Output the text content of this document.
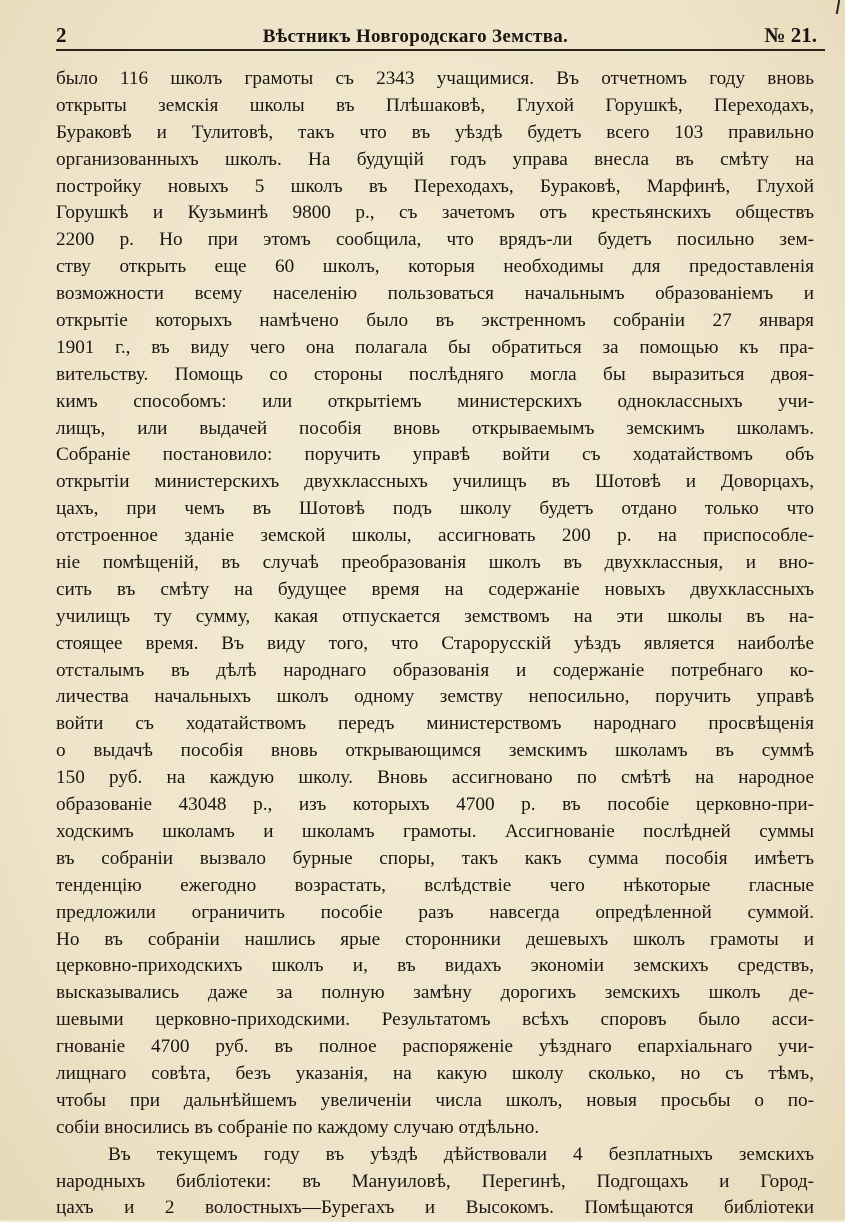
2	Вѣстникъ Новгородскаго Земства.	№ 21.
было 116 школъ грамоты съ 2343 учащимися. Въ отчетномъ году вновь
открыты земскія школы въ Плѣшаковѣ, Глухой Горушкѣ, Переходахъ,
Бураковѣ и Тулитовѣ, такъ что въ уѣздѣ будетъ всего 103 правильно
организованныхъ школъ. На будущій годъ управа внесла въ смѣту на
постройку новыхъ 5 школъ въ Переходахъ, Бураковѣ, Марфинѣ, Глухой
Горушкѣ и Кузьминѣ 9800 р., съ зачетомъ отъ крестьянскихъ обществъ
2200 р. Но при этомъ сообщила, что врядъ-ли будетъ посильно зем-
ству открыть еще 60 школъ, которыя необходимы для предоставленія
возможности всему населенію пользоваться начальнымъ образованіемъ и
открытіе которыхъ намѣчено было въ экстренномъ собраніи 27 января
1901 г., въ виду чего она полагала бы обратиться за помощью къ пра-
вительству. Помощь со стороны послѣдняго могла бы выразиться двоя-
кимъ способомъ: или открытіемъ министерскихъ одноклассныхъ учи-
лищъ, или выдачей пособія вновь открываемымъ земскимъ школамъ.
Собраніе постановило: поручить управѣ войти съ ходатайствомъ объ
открытіи министерскихъ двухклассныхъ училищъ въ Шотовѣ и Доворцахъ,
цахъ, при чемъ въ Шотовѣ подъ школу будетъ отдано только что
отстроенное зданіе земской школы, ассигновать 200 р. на приспособле-
ніе помѣщеній, въ случаѣ преобразованія школъ въ двухклассныя, и вно-
сить въ смѣту на будущее время на содержаніе новыхъ двухклассныхъ
училищъ ту сумму, какая отпускается земствомъ на эти школы въ на-
стоящее время. Въ виду того, что Старорусскій уѣздъ является наиболѣе
отсталымъ въ дѣлѣ народнаго образованія и содержаніе потребнаго ко-
личества начальныхъ школъ одному земству непосильно, поручить управѣ
войти съ ходатайствомъ передъ министерствомъ народнаго просвѣщенія
о выдачѣ пособія вновь открывающимся земскимъ школамъ въ суммѣ
150 руб. на каждую школу. Вновь ассигновано по смѣтѣ на народное
образованіе 43048 р., изъ которыхъ 4700 р. въ пособіе церковно-при-
ходскимъ школамъ и школамъ грамоты. Ассигнованіе послѣдней суммы
въ собраніи вызвало бурные споры, такъ какъ сумма пособія имѣетъ
тенденцію ежегодно возрастать, вслѣдствіе чего нѣкоторые гласные
предложили ограничить пособіе разъ навсегда опредѣленной суммой.
Но въ собраніи нашлись ярые сторонники дешевыхъ школъ грамоты и
церковно-приходскихъ школъ и, въ видахъ экономіи земскихъ средствъ,
высказывались даже за полную замѣну дорогихъ земскихъ школъ де-
шевыми церковно-приходскими. Результатомъ всѣхъ споровъ было асси-
гнованіе 4700 руб. въ полное распоряженіе уѣзднаго епархіальнаго учи-
лищнаго совѣта, безъ указанія, на какую школу сколько, но съ тѣмъ,
чтобы при дальнѣйшемъ увеличеніи числа школъ, новыя просьбы о по-
собіи вносились въ собраніе по каждому случаю отдѣльно.
Въ текущемъ году въ уѣздѣ дѣйствовали 4 безплатныхъ земскихъ
народныхъ библіотеки: въ Мануиловѣ, Перегинѣ, Подгощахъ и Город-
цахъ и 2 волостныхъ—Бурегахъ и Высокомъ. Помѣщаются библіотеки
